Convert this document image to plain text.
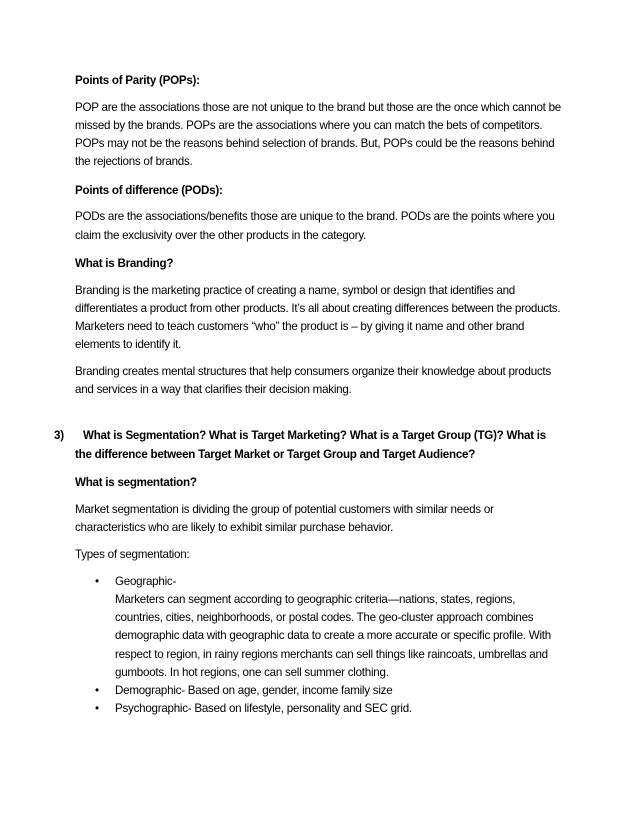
Points of Parity (POPs):

POP are the associations those are not unique to the brand but those are the once which cannot be missed by the brands. POPs are the associations where you can match the bets of competitors. POPs may not be the reasons behind selection of brands. But, POPs could be the reasons behind the rejections of brands.

Points of difference (PODs):

PODs are the associations/benefits those are unique to the brand. PODs are the points where you claim the exclusivity over the other products in the category.

What is Branding?

Branding is the marketing practice of creating a name, symbol or design that identifies and differentiates a product from other products. It’s all about creating differences between the products. Marketers need to teach customers “who” the product is – by giving it name and other brand elements to identify it.

Branding creates mental structures that help consumers organize their knowledge about products and services in a way that clarifies their decision making.

3) What is Segmentation? What is Target Marketing? What is a Target Group (TG)? What is the difference between Target Market or Target Group and Target Audience?

What is segmentation?

Market segmentation is dividing the group of potential customers with similar needs or characteristics who are likely to exhibit similar purchase behavior.

Types of segmentation:

• Geographic-
Marketers can segment according to geographic criteria—nations, states, regions, countries, cities, neighborhoods, or postal codes. The geo-cluster approach combines demographic data with geographic data to create a more accurate or specific profile. With respect to region, in rainy regions merchants can sell things like raincoats, umbrellas and gumboots. In hot regions, one can sell summer clothing.
• Demographic- Based on age, gender, income family size
• Psychographic- Based on lifestyle, personality and SEC grid.
